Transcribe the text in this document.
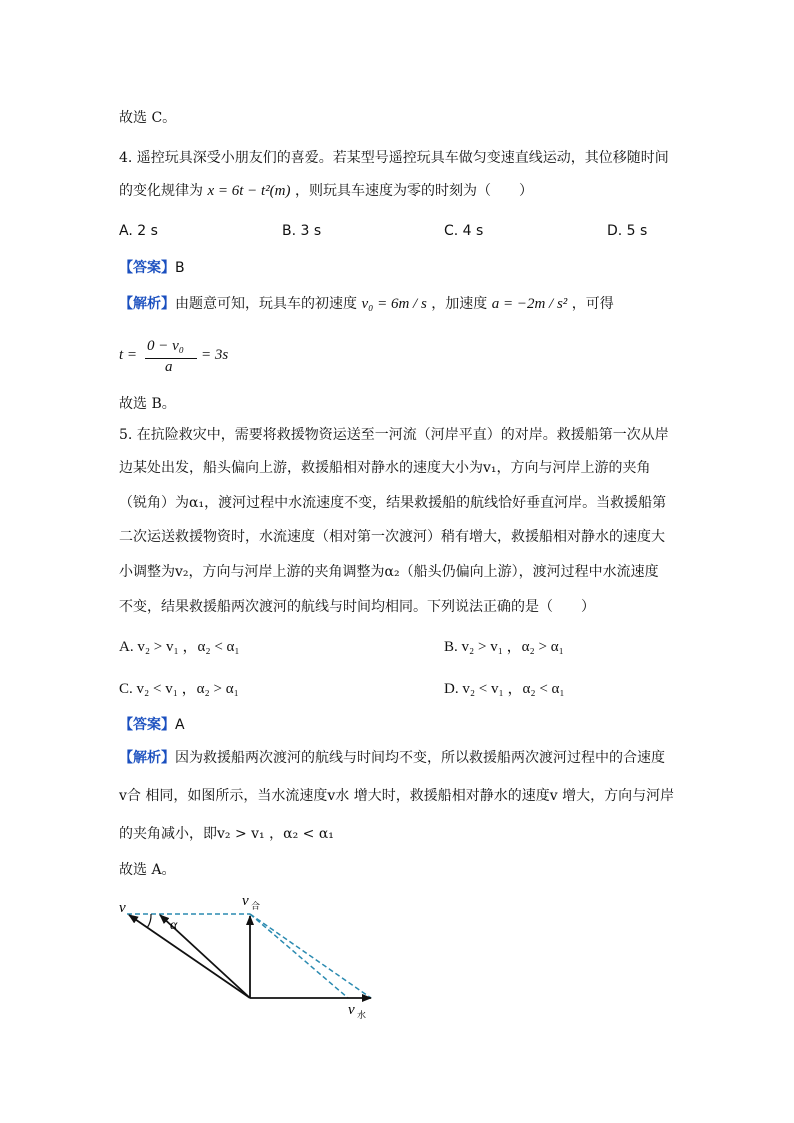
故选 C。
4. 遥控玩具深受小朋友们的喜爱。若某型号遥控玩具车做匀变速直线运动，其位移随时间
的变化规律为 x = 6t − t²(m) ，则玩具车速度为零的时刻为（　　）
A. 2 s	B. 3 s	C. 4 s	D. 5 s
【答案】B
【解析】由题意可知，玩具车的初速度 v₀ = 6m / s ，加速度 a = −2m / s² ，可得
t =
0 − v₀
a
= 3s
故选 B。
5. 在抗险救灾中，需要将救援物资运送至一河流（河岸平直）的对岸。救援船第一次从岸
边某处出发，船头偏向上游，救援船相对静水的速度大小为v₁，方向与河岸上游的夹角
（锐角）为α₁，渡河过程中水流速度不变，结果救援船的航线恰好垂直河岸。当救援船第
二次运送救援物资时，水流速度（相对第一次渡河）稍有增大，救援船相对静水的速度大
小调整为v₂，方向与河岸上游的夹角调整为α₂（船头仍偏向上游），渡河过程中水流速度
不变，结果救援船两次渡河的航线与时间均相同。下列说法正确的是（　　）
A. v₂ > v₁ ，α₂ < α₁	B. v₂ > v₁ ，α₂ > α₁
C. v₂ < v₁ ，α₂ > α₁	D. v₂ < v₁ ，α₂ < α₁
【答案】A
【解析】因为救援船两次渡河的航线与时间均不变，所以救援船两次渡河过程中的合速度
v合 相同，如图所示，当水流速度v水 增大时，救援船相对静水的速度v 增大，方向与河岸
的夹角减小，即v₂ > v₁ ，α₂ < α₁
故选 A。
v
α
v 合
v 水
